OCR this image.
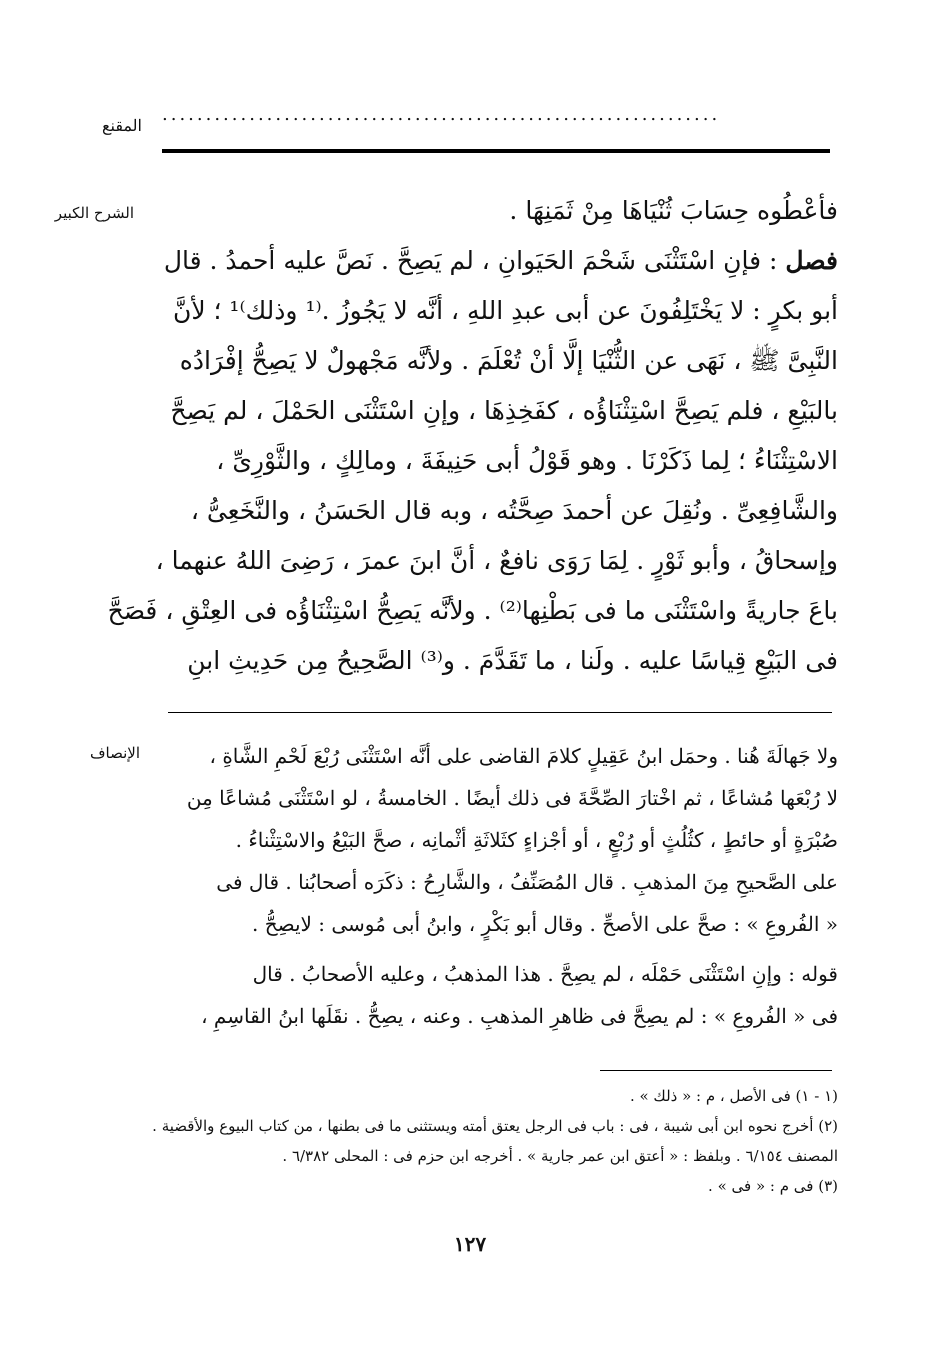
المقنع
................................................................
الشرح الكبير	فأعْطُوه حِسَابَ ثُنْيَاهَا مِنْ ثَمَنِهَا .
فصل : فإنِ اسْتَثْنَى شَحْمَ الحَيَوانِ ، لم يَصِحَّ . نَصَّ عليه أحمدُ . قال
أبو بكرٍ : لا يَخْتَلِفُونَ عن أبى عبدِ اللهِ ، أنَّه لا يَجُوزُ .⁽¹ وذلك⁾¹ ؛ لأنَّ
النَّبِىَّ ﷺ ، نَهَى عن الثُّنْيَا إلَّا أنْ تُعْلَمَ . ولأنَّه مَجْهولٌ لا يَصِحُّ إفْرَادُه
بالبَيْعِ ، فلم يَصِحَّ اسْتِثْنَاؤُه ، كفَخِذِهَا ، وإنِ اسْتَثْنَى الحَمْلَ ، لم يَصِحَّ
الاسْتِثْنَاءُ ؛ لِما ذَكَرْنَا . وهو قَوْلُ أبى حَنِيفَةَ ، ومالِكٍ ، والثَّوْرِىِّ ،
والشَّافِعِىِّ . ونُقِلَ عن أحمدَ صِحَّتُه ، وبه قال الحَسَنُ ، والنَّخَعِىُّ ،
وإسحاقُ ، وأبو ثَوْرٍ . لِمَا رَوَى نافعٌ ، أنَّ ابنَ عمرَ ، رَضِىَ اللهُ عنهما ،
باعَ جاريةً واسْتَثْنَى ما فى بَطْنِها⁽²⁾ . ولأنَّه يَصِحُّ اسْتِثْنَاؤُه فى العِتْقِ ، فَصَحَّ
فى البَيْعِ قِياسًا عليه . ولَنا ، ما تَقَدَّمَ . و⁽³⁾ الصَّحِيحُ مِن حَدِيثِ ابنِ
الإنصاف	ولا جَهالَةَ هُنا . وحمَل ابنُ عَقِيلٍ كلامَ القاضى على أنَّه اسْتَثْنَى رُبْعَ لَحْمِ الشَّاةِ ،
لا رُبْعَها مُشاعًا ، ثم اخْتارَ الصِّحَّةَ فى ذلك أيضًا . الخامسةُ ، لو اسْتَثْنَى مُشاعًا مِن
صُبْرَةٍ أو حائطٍ ، كثُلُثٍ أو رُبْعٍ ، أو أجْزاءٍ كثَلاثَةِ أثْمانِه ، صحَّ البَيْعُ والاسْتِثْناءُ .
على الصَّحيحِ مِنَ المذهبِ . قال المُصَنِّفُ ، والشَّارِحُ : ذكَرَه أصحابُنا . قال فى
« الفُروعِ » : صحَّ على الأصحِّ . وقال أبو بَكْرٍ ، وابنُ أبى مُوسى : لايصِحُّ .
قوله : وإنِ اسْتَثْنَى حَمْلَه ، لم يصِحَّ . هذا المذهبُ ، وعليه الأصحابُ . قال
فى « الفُروعِ » : لم يصِحَّ فى ظاهرِ المذهبِ . وعنه ، يصِحُّ . نقَلَها ابنُ القاسِمِ ،
(١ - ١) فى الأصل ، م : « ذلك » .
(٢) أخرج نحوه ابن أبى شيبة ، فى : باب فى الرجل يعتق أمته ويستثنى ما فى بطنها ، من كتاب البيوع والأقضية .
المصنف ٦/١٥٤ . وبلفظ : « أعتق ابن عمر جارية » . أخرجه ابن حزم فى : المحلى ٦/٣٨٢ .
(٣) فى م : « فى » .
١٢٧
